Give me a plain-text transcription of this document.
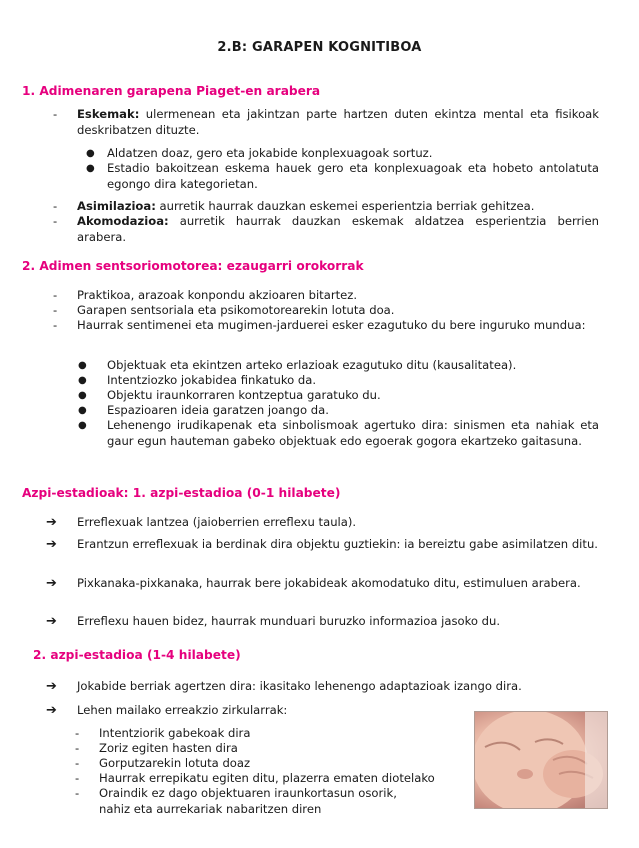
2.B: GARAPEN KOGNITIBOA
1. Adimenaren garapena Piaget-en arabera
-	Eskemak: ulermenean eta jakintzan parte hartzen duten ekintza mental eta fisikoak deskribatzen dituzte.
● Aldatzen doaz, gero eta jokabide konplexuagoak sortuz.
● Estadio bakoitzean eskema hauek gero eta konplexuagoak eta hobeto antolatuta egongo dira kategorietan.
-	Asimilazioa: aurretik haurrak dauzkan eskemei esperientzia berriak gehitzea.
-	Akomodazioa: aurretik haurrak dauzkan eskemak aldatzea esperientzia berrien arabera.
2. Adimen sentsoriomotorea: ezaugarri orokorrak
-	Praktikoa, arazoak konpondu akzioaren bitartez.
-	Garapen sentsoriala eta psikomotorearekin lotuta doa.
-	Haurrak sentimenei eta mugimen-jarduerei esker ezagutuko du bere inguruko mundua:
● Objektuak eta ekintzen arteko erlazioak ezagutuko ditu (kausalitatea).
● Intentziozko jokabidea finkatuko da.
● Objektu iraunkorraren kontzeptua garatuko du.
● Espazioaren ideia garatzen joango da.
● Lehenengo irudikapenak eta sinbolismoak agertuko dira: sinismen eta nahiak eta gaur egun hauteman gabeko objektuak edo egoerak gogora ekartzeko gaitasuna.
Azpi-estadioak: 1. azpi-estadioa (0-1 hilabete)
➔ Erreflexuak lantzea (jaioberrien erreflexu taula).
➔ Erantzun erreflexuak ia berdinak dira objektu guztiekin: ia bereiztu gabe asimilatzen ditu.
➔ Pixkanaka-pixkanaka, haurrak bere jokabideak akomodatuko ditu, estimuluen arabera.
➔ Erreflexu hauen bidez, haurrak munduari buruzko informazioa jasoko du.
2. azpi-estadioa (1-4 hilabete)
➔ Jokabide berriak agertzen dira: ikasitako lehenengo adaptazioak izango dira.
➔ Lehen mailako erreakzio zirkularrak:
- Intentziorik gabekoak dira
- Zoriz egiten hasten dira
- Gorputzarekin lotuta doaz
- Haurrak errepikatu egiten ditu, plazerra ematen diotelako
- Oraindik ez dago objektuaren iraunkortasun osorik,
nahiz eta aurrekariak nabaritzen diren
